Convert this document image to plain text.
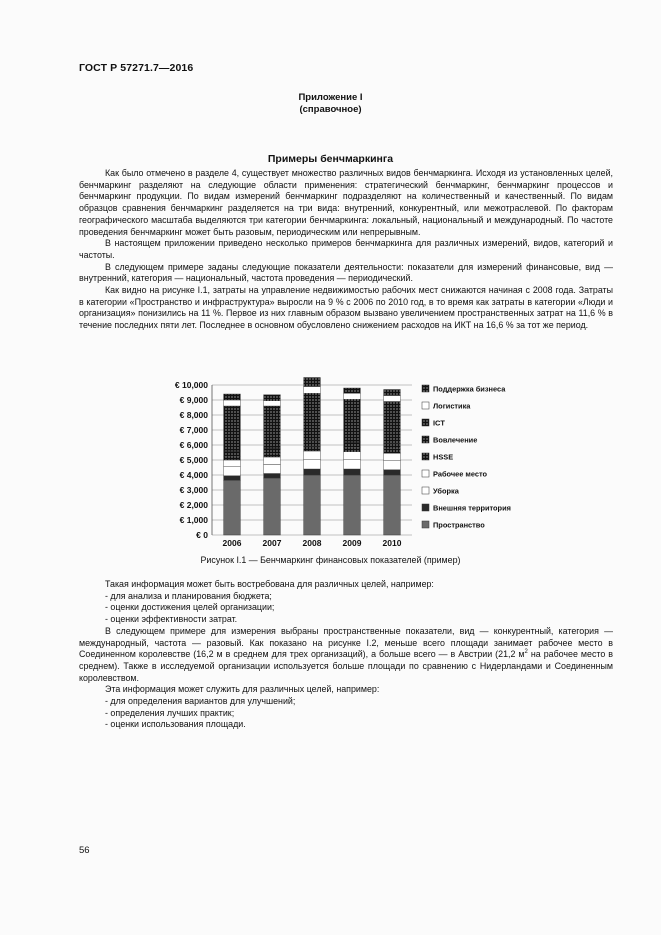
ГОСТ Р 57271.7—2016
Приложение I
(справочное)
Примеры бенчмаркинга

Как было отмечено в разделе 4, существует множество различных видов бенчмаркинга. Исходя из установленных целей, бенчмаркинг разделяют на следующие области применения: стратегический бенчмаркинг, бенчмаркинг процессов и бенчмаркинг продукции. По видам измерений бенчмаркинг подразделяют на количественный и качественный. По видам образцов сравнения бенчмаркинг разделяется на три вида: внутренний, конкурентный, или межотраслевой. По факторам географического масштаба выделяются три категории бенчмаркинга: локальный, национальный и международный. По частоте проведения бенчмаркинг может быть разовым, периодическим или непрерывным.

В настоящем приложении приведено несколько примеров бенчмаркинга для различных измерений, видов, категорий и частоты.

В следующем примере заданы следующие показатели деятельности: показатели для измерений финансовые, вид — внутренний, категория — национальный, частота проведения — периодический.

Как видно на рисунке I.1, затраты на управление недвижимостью рабочих мест снижаются начиная с 2008 года. Затраты в категории «Пространство и инфраструктура» выросли на 9 % с 2006 по 2010 год, в то время как затраты в категории «Люди и организация» понизились на 11 %. Первое из них главным образом вызвано увеличением пространственных затрат на 11,6 % в течение последних пяти лет. Последнее в основном обусловлено снижением расходов на ИКТ на 16,6 % за тот же период.

€ 0
€ 1,000
€ 2,000
€ 3,000
€ 4,000
€ 5,000
€ 6,000
€ 7,000
€ 8,000
€ 9,000
€ 10,000
2006 2007 2008 2009 2010
Поддержка бизнеса
Логистика
ICT
Вовлечение
HSSE
Рабочее место
Уборка
Внешняя территория
Пространство
Рисунок I.1 — Бенчмаркинг финансовых показателей (пример)
Такая информация может быть востребована для различных целей, например:
- для анализа и планирования бюджета;
- оценки достижения целей организации;
- оценки эффективности затрат.

В следующем примере для измерения выбраны пространственные показатели, вид — конкурентный, категория — международный, частота — разовый. Как показано на рисунке I.2, меньше всего площади занимает рабочее место в Соединенном королевстве (16,2 м в среднем для трех организаций), а больше всего — в Австрии (21,2 $м^2$ на рабочее место в среднем). Также в исследуемой организации используется больше площади по сравнению с Нидерландами и Соединенным королевством.

Эта информация может служить для различных целей, например:
- для определения вариантов для улучшений;
- определения лучших практик;
- оценки использования площади.
56
